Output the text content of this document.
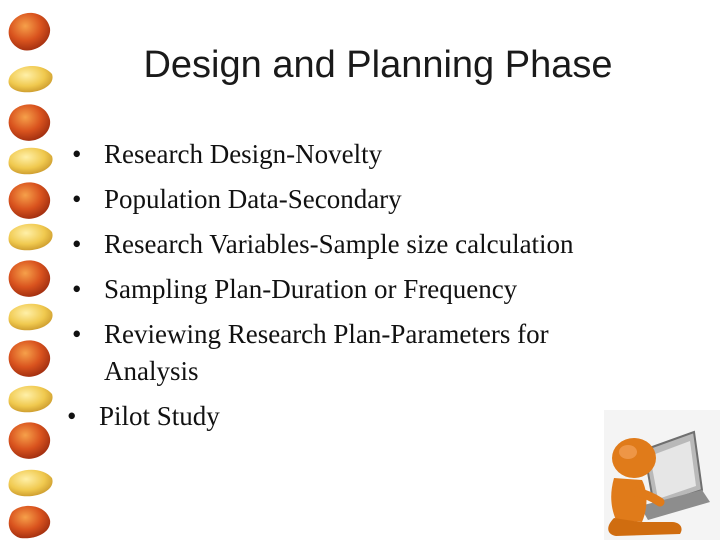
Design and Planning Phase
• Research Design-Novelty
• Population Data-Secondary
• Research Variables-Sample size calculation
• Sampling Plan-Duration or Frequency
• Reviewing Research Plan-Parameters for Analysis
• Pilot Study
